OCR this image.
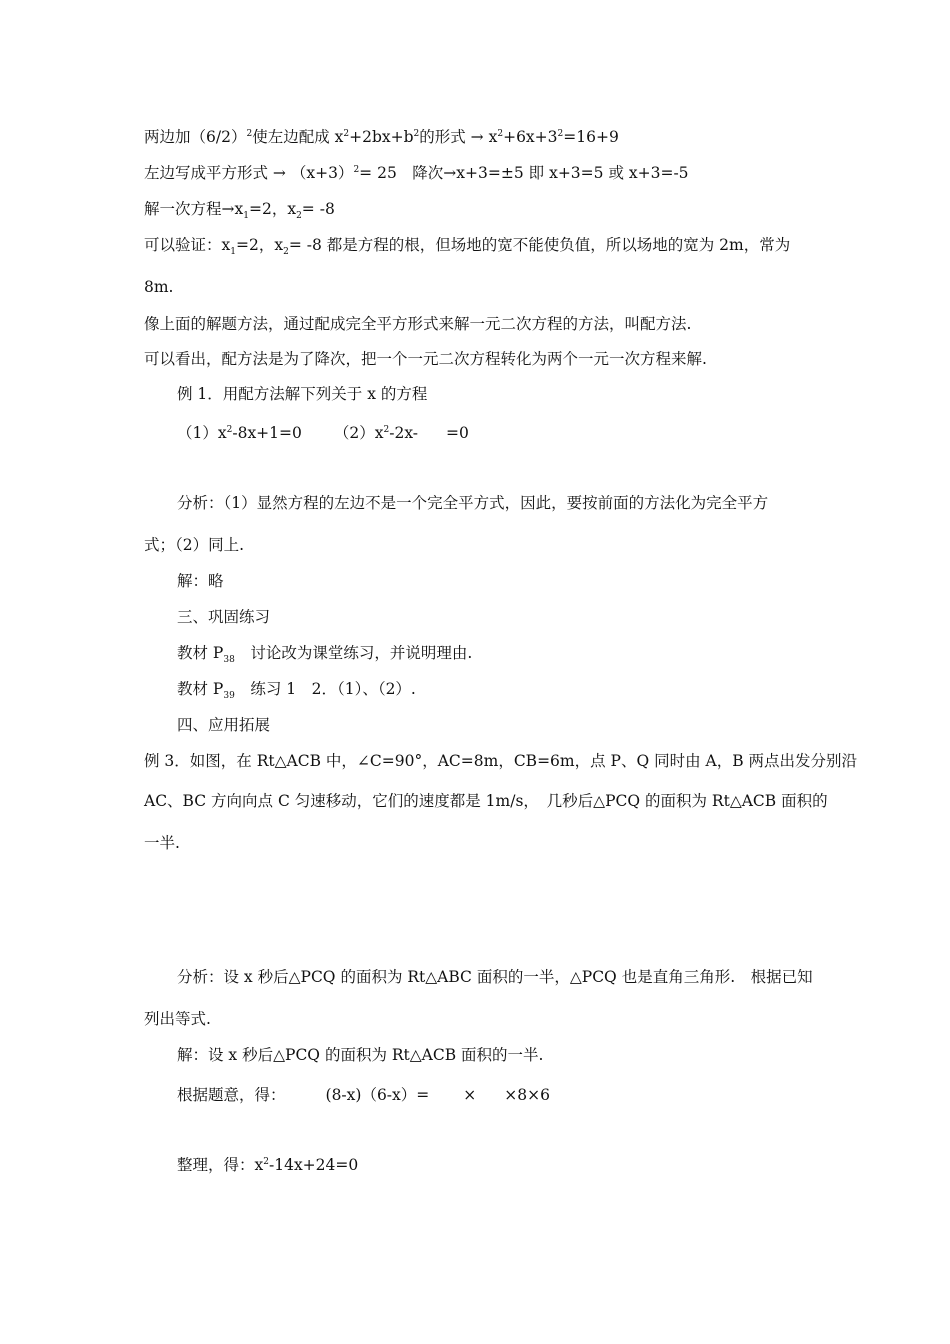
两边加$(6/2)^2$使左边配成 $x^2+2bx+b^2$的形式 → $x^2+6x+3^2=16+9$
左边写成平方形式 → $(x+3)^2= 25$　降次→x+3=±5 即 x+3=5 或 x+3=-5
解一次方程$\to x_1=2$，$x_2= -8$
可以验证：$x_1=2$，$x_2= -8$ 都是方程的根，但场地的宽不能使负值，所以场地的宽为 2m，常为
8m.
像上面的解题方法，通过配成完全平方形式来解一元二次方程的方法，叫配方法.
可以看出，配方法是为了降次，把一个一元二次方程转化为两个一元一次方程来解.
例 1．用配方法解下列关于 x 的方程
$(1)x^2-8x+1=0$ $(2)x^2-2x- =0$
分析：（1）显然方程的左边不是一个完全平方式，因此，要按前面的方法化为完全平方
式；（2）同上.
解：略
三、巩固练习
教材 $P_{38}$　讨论改为课堂练习，并说明理由.
教材 $P_{39}$　练习 1　2．（1）、（2）.
四、应用拓展
例 3．如图，在 Rt△ACB 中，∠C=90°，AC=8m，CB=6m，点 P、Q 同时由 A，B 两点出发分别沿
AC、BC 方向向点 C 匀速移动，它们的速度都是 1m/s，　几秒后△PCQ 的面积为 Rt△ACB 面积的
一半.
分析：设 x 秒后△PCQ 的面积为 Rt△ABC 面积的一半，△PCQ 也是直角三角形.　根据已知
列出等式.
解：设 x 秒后△PCQ 的面积为 Rt△ACB 面积的一半.
根据题意，得：	(8-x)（6-x）= × ×8×6
整理，得：$x^2-14x+24=0$
